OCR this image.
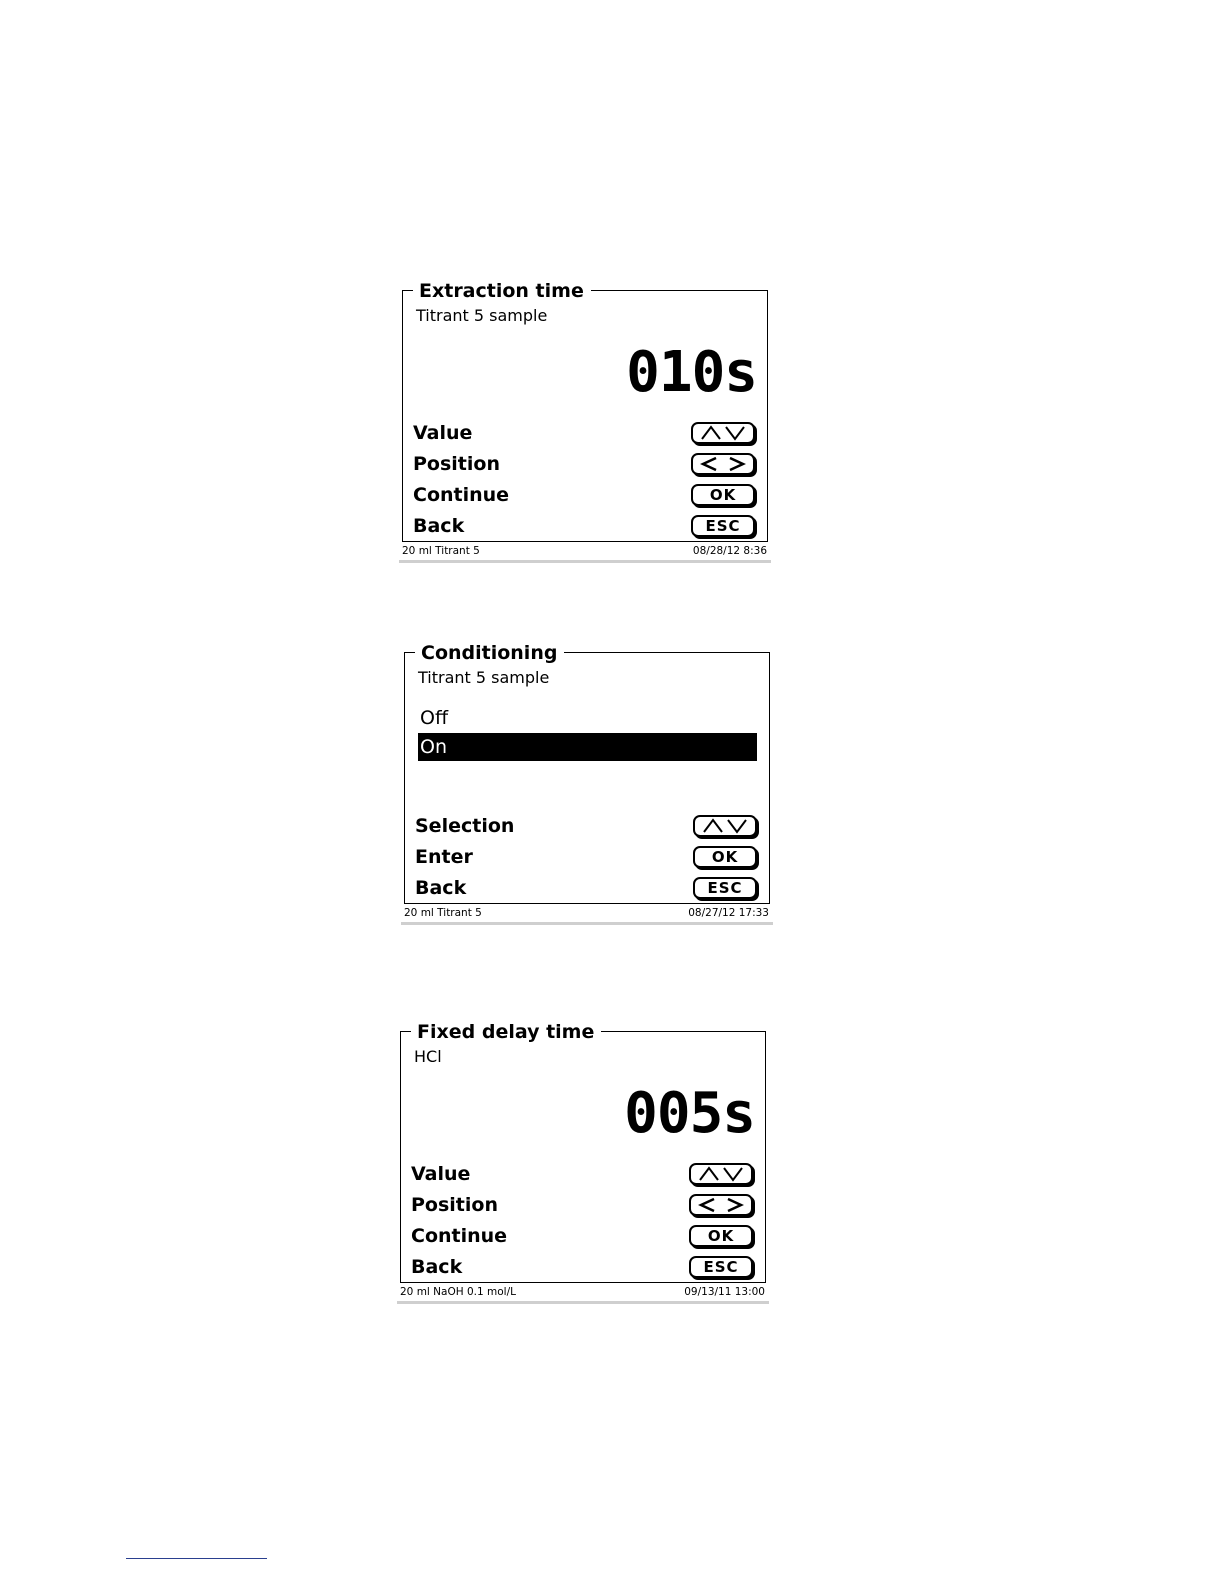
Extraction time
Titrant 5 sample
010s
Value
Position
Continue	OK
Back	ESC
20 ml Titrant 5	08/28/12 8:36
Conditioning
Titrant 5 sample
Off
On
Selection
Enter	OK
Back	ESC
20 ml Titrant 5	08/27/12 17:33
Fixed delay time
HCl
005s
Value
Position
Continue	OK
Back	ESC
20 ml NaOH 0.1 mol/L	09/13/11 13:00
